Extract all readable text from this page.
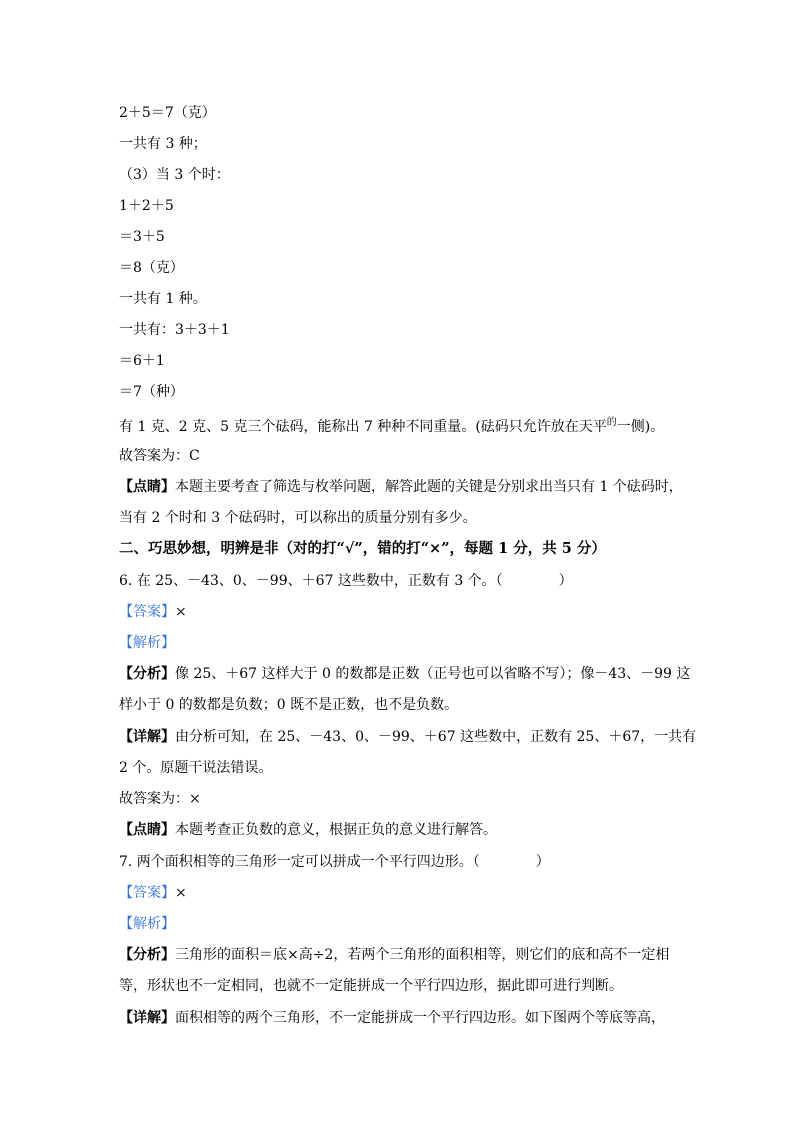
2＋5＝7（克）
一共有 3 种；
（3）当 3 个时：
1＋2＋5
＝3＋5
＝8（克）
一共有 1 种。
一共有：3＋3＋1
＝6＋1
＝7（种）
有 1 克、2 克、5 克三个砝码，能称出 7 种种不同重量。(砝码只允许放在天平$^的$一侧)。
故答案为：C
【点睛】本题主要考查了筛选与枚举问题，解答此题的关键是分别求出当只有 1 个砝码时，
当有 2 个时和 3 个砝码时，可以称出的质量分别有多少。
二、巧思妙想，明辨是非（对的打“√”，错的打“×”，每题 1 分，共 5 分）
6. 在 25、－43、0、－99、＋67 这些数中，正数有 3 个。（　　　　）
【答案】×
【解析】
【分析】像 25、＋67 这样大于 0 的数都是正数（正号也可以省略不写）；像－43、－99 这
样小于 0 的数都是负数；0 既不是正数，也不是负数。
【详解】由分析可知，在 25、－43、0、－99、＋67 这些数中，正数有 25、＋67，一共有
2 个。原题干说法错误。
故答案为：×
【点睛】本题考查正负数的意义，根据正负的意义进行解答。
7. 两个面积相等的三角形一定可以拼成一个平行四边形。（　　　　）
【答案】×
【解析】
【分析】三角形的面积＝底×高÷2，若两个三角形的面积相等，则它们的底和高不一定相
等，形状也不一定相同，也就不一定能拼成一个平行四边形，据此即可进行判断。
【详解】面积相等的两个三角形，不一定能拼成一个平行四边形。如下图两个等底等高，
